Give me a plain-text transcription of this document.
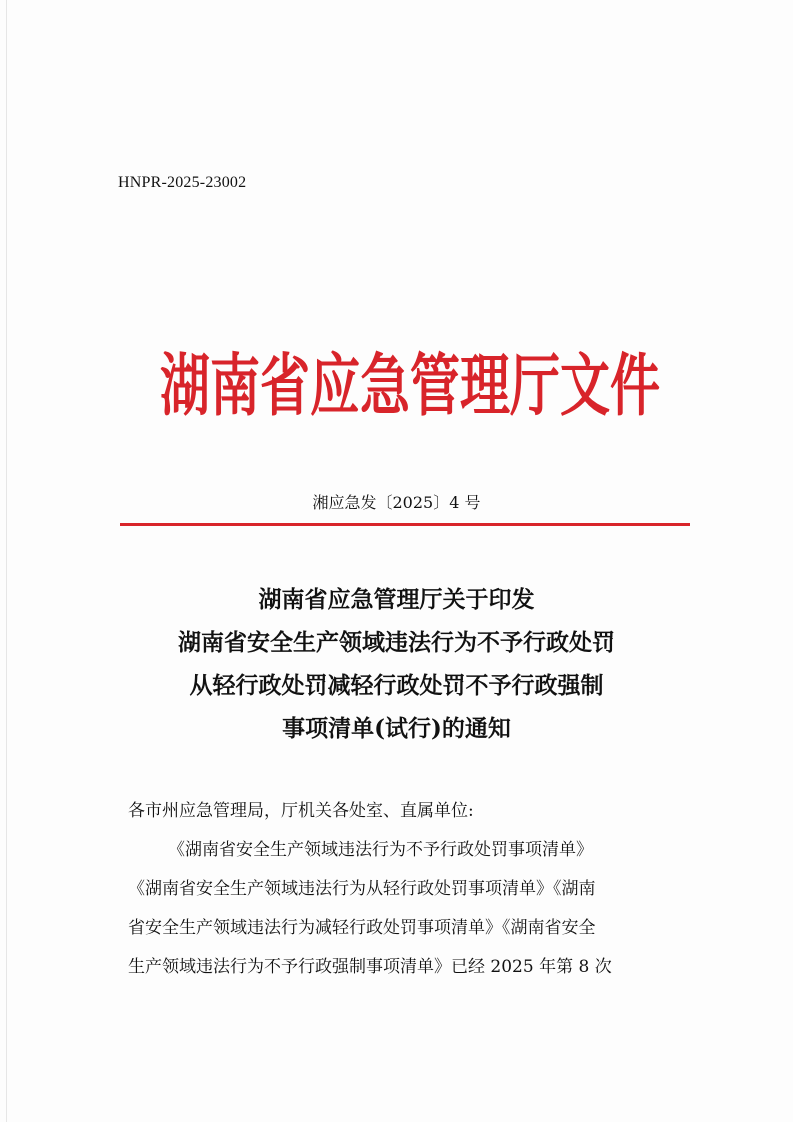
HNPR-2025-23002
湖南省应急管理厅文件
湘应急发〔2025〕4 号
湖南省应急管理厅关于印发
湖南省安全生产领域违法行为不予行政处罚
从轻行政处罚减轻行政处罚不予行政强制
事项清单(试行)的通知
各市州应急管理局，厅机关各处室、直属单位:
《湖南省安全生产领域违法行为不予行政处罚事项清单》
《湖南省安全生产领域违法行为从轻行政处罚事项清单》《湖南
省安全生产领域违法行为减轻行政处罚事项清单》《湖南省安全
生产领域违法行为不予行政强制事项清单》已经 2025 年第 8 次
